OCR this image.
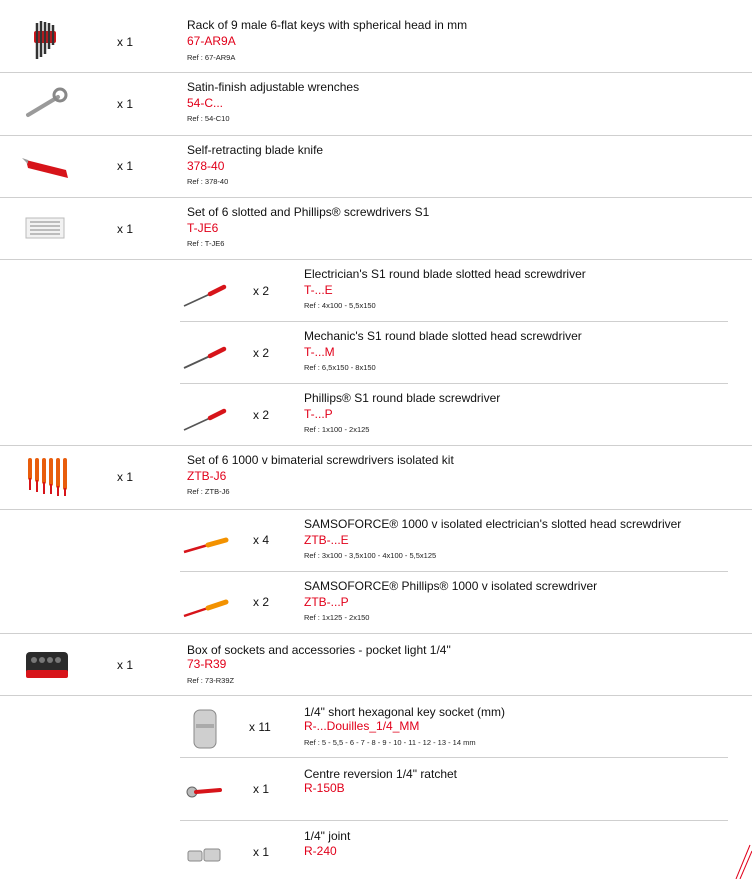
x 1
Rack of 9 male 6-flat keys with spherical head in mm
67-AR9A
Ref : 67-AR9A
x 1
Satin-finish adjustable wrenches
54-C...
Ref : 54-C10
x 1
Self-retracting blade knife
378-40
Ref : 378-40
x 1
Set of 6 slotted and Phillips® screwdrivers S1
T-JE6
Ref : T-JE6
x 2
Electrician's S1 round blade slotted head screwdriver
T-...E
Ref : 4x100 - 5,5x150
x 2
Mechanic's S1 round blade slotted head screwdriver
T-...M
Ref : 6,5x150 - 8x150
x 2
Phillips® S1 round blade screwdriver
T-...P
Ref : 1x100 - 2x125
x 1
Set of 6 1000 v bimaterial screwdrivers isolated kit
ZTB-J6
Ref : ZTB-J6
x 4
SAMSOFORCE® 1000 v isolated electrician's slotted head screwdriver
ZTB-...E
Ref : 3x100 - 3,5x100 - 4x100 - 5,5x125
x 2
SAMSOFORCE® Phillips® 1000 v isolated screwdriver
ZTB-...P
Ref : 1x125 - 2x150
x 1
Box of sockets and accessories - pocket light 1/4"
73-R39
Ref : 73-R39Z
x 11
1/4" short hexagonal key socket (mm)
R-...Douilles_1/4_MM
Ref : 5 - 5,5 - 6 - 7 - 8 - 9 - 10 - 11 - 12 - 13 - 14 mm
x 1
Centre reversion 1/4" ratchet
R-150B
x 1
1/4" joint
R-240
